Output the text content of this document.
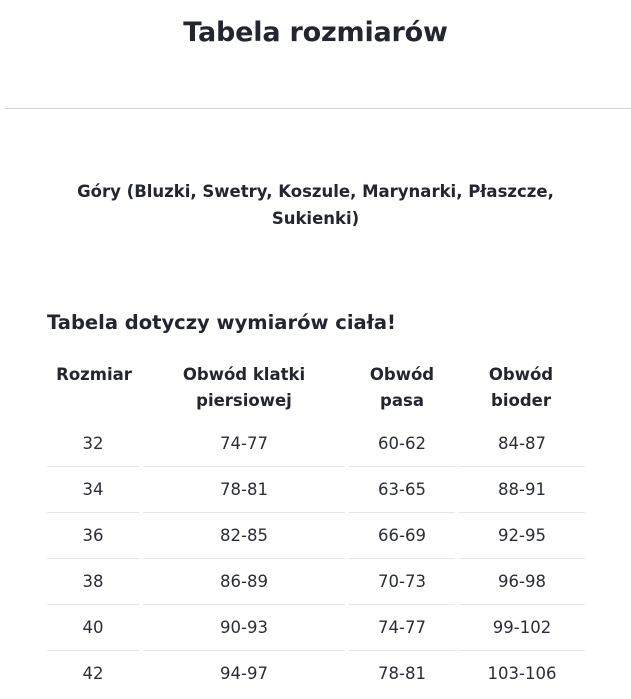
Tabela rozmiarów

Góry (Bluzki, Swetry, Koszule, Marynarki, Płaszcze, Sukienki)

Tabela dotyczy wymiarów ciała!
Rozmiar	Obwód klatki piersiowej	Obwód pasa	Obwód bioder
32	74-77	60-62	84-87
34	78-81	63-65	88-91
36	82-85	66-69	92-95
38	86-89	70-73	96-98
40	90-93	74-77	99-102
42	94-97	78-81	103-106
